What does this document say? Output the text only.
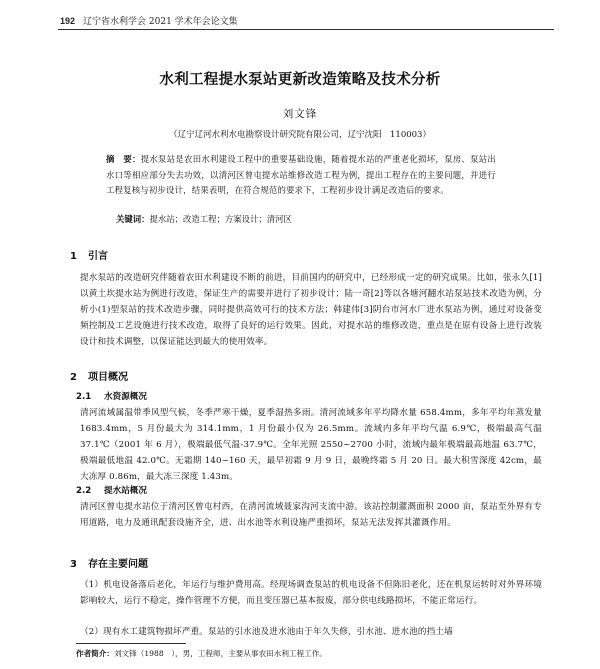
192 辽宁省水利学会 2021 学术年会论文集
水利工程提水泵站更新改造策略及技术分析
刘文锋
（辽宁辽河水利水电勘察设计研究院有限公司，辽宁沈阳　110003）
摘　要：提水泵站是农田水利建设工程中的重要基础设施，随着提水站的严重老化损坏，泵房、泵站出水口等相应部分失去功效，以清河区曾屯提水站维修改造工程为例，提出工程存在的主要问题，并进行工程复核与初步设计，结果表明，在符合规范的要求下，工程初步设计满足改造后的要求。
关键词：提水站；改造工程；方案设计；清河区
1 引言
提水泵站的改造研究伴随着农田水利建设不断的前进，目前国内的研究中，已经形成一定的研究成果。比如，张永久[1]以黄土坎提水站为例进行改造，保证生产的需要并进行了初步设计；陆一奇[2]等以各塘河翻水站泵站技术改造为例，分析小(1)型泵站的技术改造步骤，同时提供高效可行的技术方法；韩建伟[3]阴台市河水厂进水泵站为例，通过对设备变频控制及工艺设施进行技术改造，取得了良好的运行效果。因此，对提水站的维修改造，重点是在原有设备上进行改装设计和技术调整，以保证能达到最大的使用效率。
2 项目概况
2.1 水资源概况
清河流域属温带季风型气候，冬季严寒干燥，夏季湿热多雨。清河流域多年平均降水量 658.4mm，多年平均年蒸发量 1683.4mm，5 月份最大为 314.1mm，1 月份最小仅为 26.5mm。流域内多年平均气温 6.9℃，极端最高气温 37.1℃（2001 年 6 月），极端最低气温-37.9℃。全年光照 2550~2700 小时，流域内最年极端最高地温 63.7℃，极端最低地温 42.0℃。无霜期 140~160 天，最早初霜 9 月 9 日，最晚终霜 5 月 20 日。最大积雪深度 42cm，最大冻厚 0.86m，最大冻三深度 1.43m。
2.2 提水站概况
清河区曾屯提水站位于清河区曾屯村西，在清河流域聂家沟河支流中游。该站控制灌溉面积 2000 亩，泵站至外界有专用道路，电力及通讯配套设施齐全，进、出水池等水利设施严重损坏，泵站无法发挥其灌溉作用。
3 存在主要问题
（1）机电设备落后老化，年运行与维护费用高。经现场调查泵站的机电设备不但陈旧老化，还在机泵运转时对外界环境影响较大，运行不稳定，操作管理不方便，而且变压器已基本报废，部分供电线路损坏，不能正常运行。
（2）现有水工建筑物损坏严重。泵站的引水池及进水池由于年久失修，引水池、进水池的挡土墙
作者简介：刘文锋（1988　），男，工程师，主要从事农田水利工程工作。
